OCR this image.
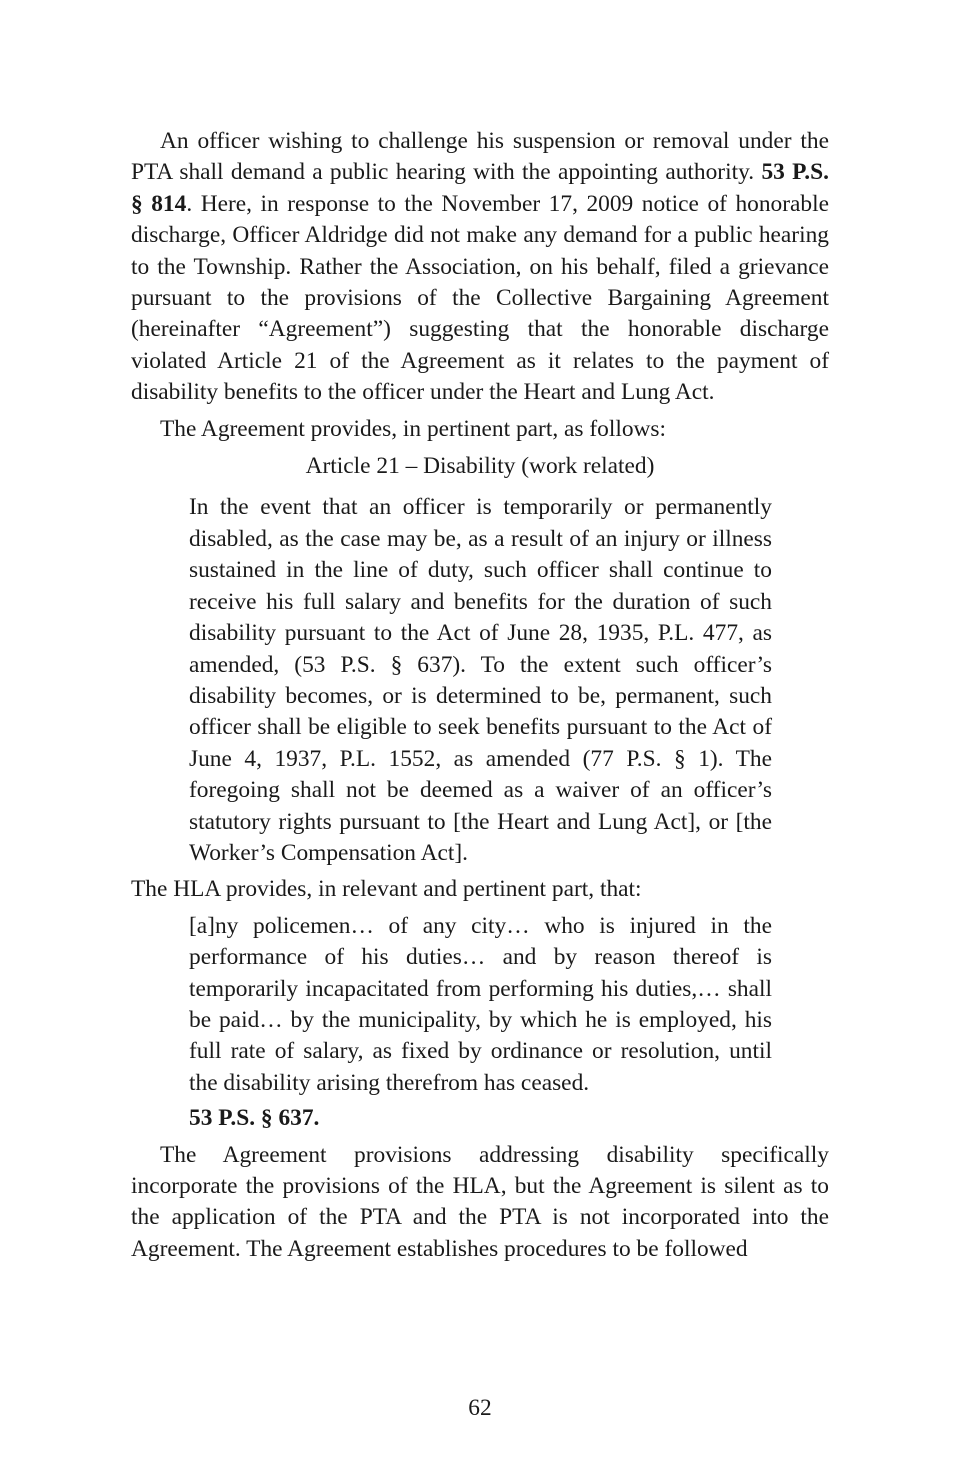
An officer wishing to challenge his suspension or removal under the PTA shall demand a public hearing with the appointing authority. 53 P.S. § 814. Here, in response to the November 17, 2009 notice of honorable discharge, Officer Aldridge did not make any demand for a public hearing to the Township. Rather the Association, on his behalf, filed a grievance pursuant to the provisions of the Collective Bargaining Agreement (hereinafter “Agreement”) suggesting that the honorable discharge violated Article 21 of the Agreement as it relates to the payment of disability benefits to the officer under the Heart and Lung Act.

The Agreement provides, in pertinent part, as follows:

Article 21 – Disability (work related)

In the event that an officer is temporarily or permanently disabled, as the case may be, as a result of an injury or illness sustained in the line of duty, such officer shall continue to receive his full salary and benefits for the duration of such disability pursuant to the Act of June 28, 1935, P.L. 477, as amended, (53 P.S. § 637). To the extent such officer’s disability becomes, or is determined to be, permanent, such officer shall be eligible to seek benefits pursuant to the Act of June 4, 1937, P.L. 1552, as amended (77 P.S. § 1). The foregoing shall not be deemed as a waiver of an officer’s statutory rights pursuant to [the Heart and Lung Act], or [the Worker’s Compensation Act].

The HLA provides, in relevant and pertinent part, that:

[a]ny policemen… of any city… who is injured in the performance of his duties… and by reason thereof is temporarily incapacitated from performing his duties,… shall be paid… by the municipality, by which he is employed, his full rate of salary, as fixed by ordinance or resolution, until the disability arising therefrom has ceased.

53 P.S. § 637.

The Agreement provisions addressing disability specifically incorporate the provisions of the HLA, but the Agreement is silent as to the application of the PTA and the PTA is not incorporated into the Agreement. The Agreement establishes procedures to be followed

62
